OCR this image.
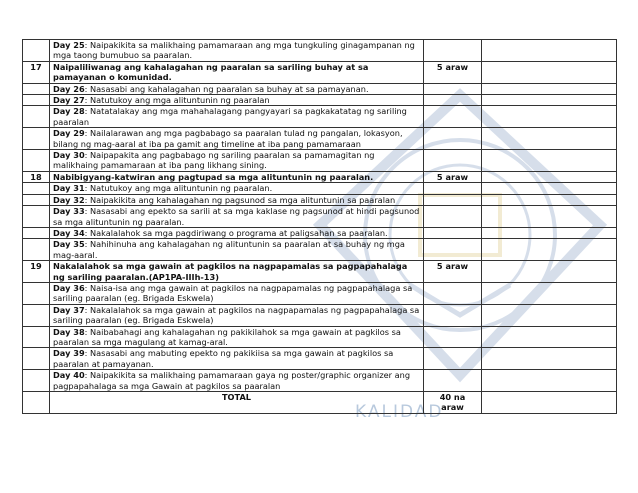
KALIDAD
	Day 25: Naipakikita sa malikhaing pamamaraan ang mga tungkuling ginagampanan ng mga taong bumubuo sa paaralan.		
17	Naipaliliwanag ang kahalagahan ng paaralan sa sariling buhay at sa pamayanan o komunidad.	5 araw	
	Day 26: Nasasabi ang kahalagahan ng paaralan sa buhay at sa pamayanan.		
	Day 27: Natutukoy ang mga alituntunin ng paaralan		
	Day 28: Natatalakay ang mga mahahalagang pangyayari sa pagkakatatag ng sariling paaralan		
	Day 29: Nailalarawan ang mga pagbabago sa paaralan tulad ng pangalan, lokasyon, bilang ng mag-aaral at iba pa gamit ang timeline at iba pang pamamaraan		
	Day 30: Naipapakita ang pagbabago ng sariling paaralan sa pamamagitan ng malikhaing pamamaraan at iba pang likhang sining.		
18	Nabibigyang-katwiran ang pagtupad sa mga alituntunin ng paaralan.	5 araw	
	Day 31: Natutukoy ang mga alituntunin ng paaralan.		
	Day 32: Naipakikita ang kahalagahan ng pagsunod sa mga alituntunin sa paaralan		
	Day 33: Nasasabi ang epekto sa sarili at sa mga kaklase ng pagsunod at hindi pagsunod sa mga alituntunin ng paaralan.		
	Day 34: Nakalalahok sa mga pagdiriwang o programa at paligsahan sa paaralan.		
	Day 35: Nahihinuha ang kahalagahan ng alituntunin sa paaralan at sa buhay ng mga mag-aaral.		
19	Nakalalahok sa mga gawain at pagkilos na nagpapamalas sa pagpapahalaga ng sariling paaralan.(AP1PA-IIIh-13)	5 araw	
	Day 36: Naisa-isa ang mga gawain at pagkilos na nagpapamalas ng pagpapahalaga sa sariling paaralan (eg. Brigada Eskwela)		
	Day 37: Nakalalahok sa mga gawain at pagkilos na nagpapamalas ng pagpapahalaga sa sariling paaralan (eg. Brigada Eskwela)		
	Day 38: Naibabahagi ang kahalagahan ng pakikilahok sa mga gawain at pagkilos sa paaralan sa mga magulang at kamag-aral.		
	Day 39: Nasasabi ang mabuting epekto ng pakikiisa sa mga gawain at pagkilos sa paaralan at pamayanan.		
	Day 40: Naipakikita sa malikhaing pamamaraan gaya ng poster/graphic organizer ang pagpapahalaga sa mga Gawain at pagkilos sa paaralan		
	TOTAL	40 na araw	
